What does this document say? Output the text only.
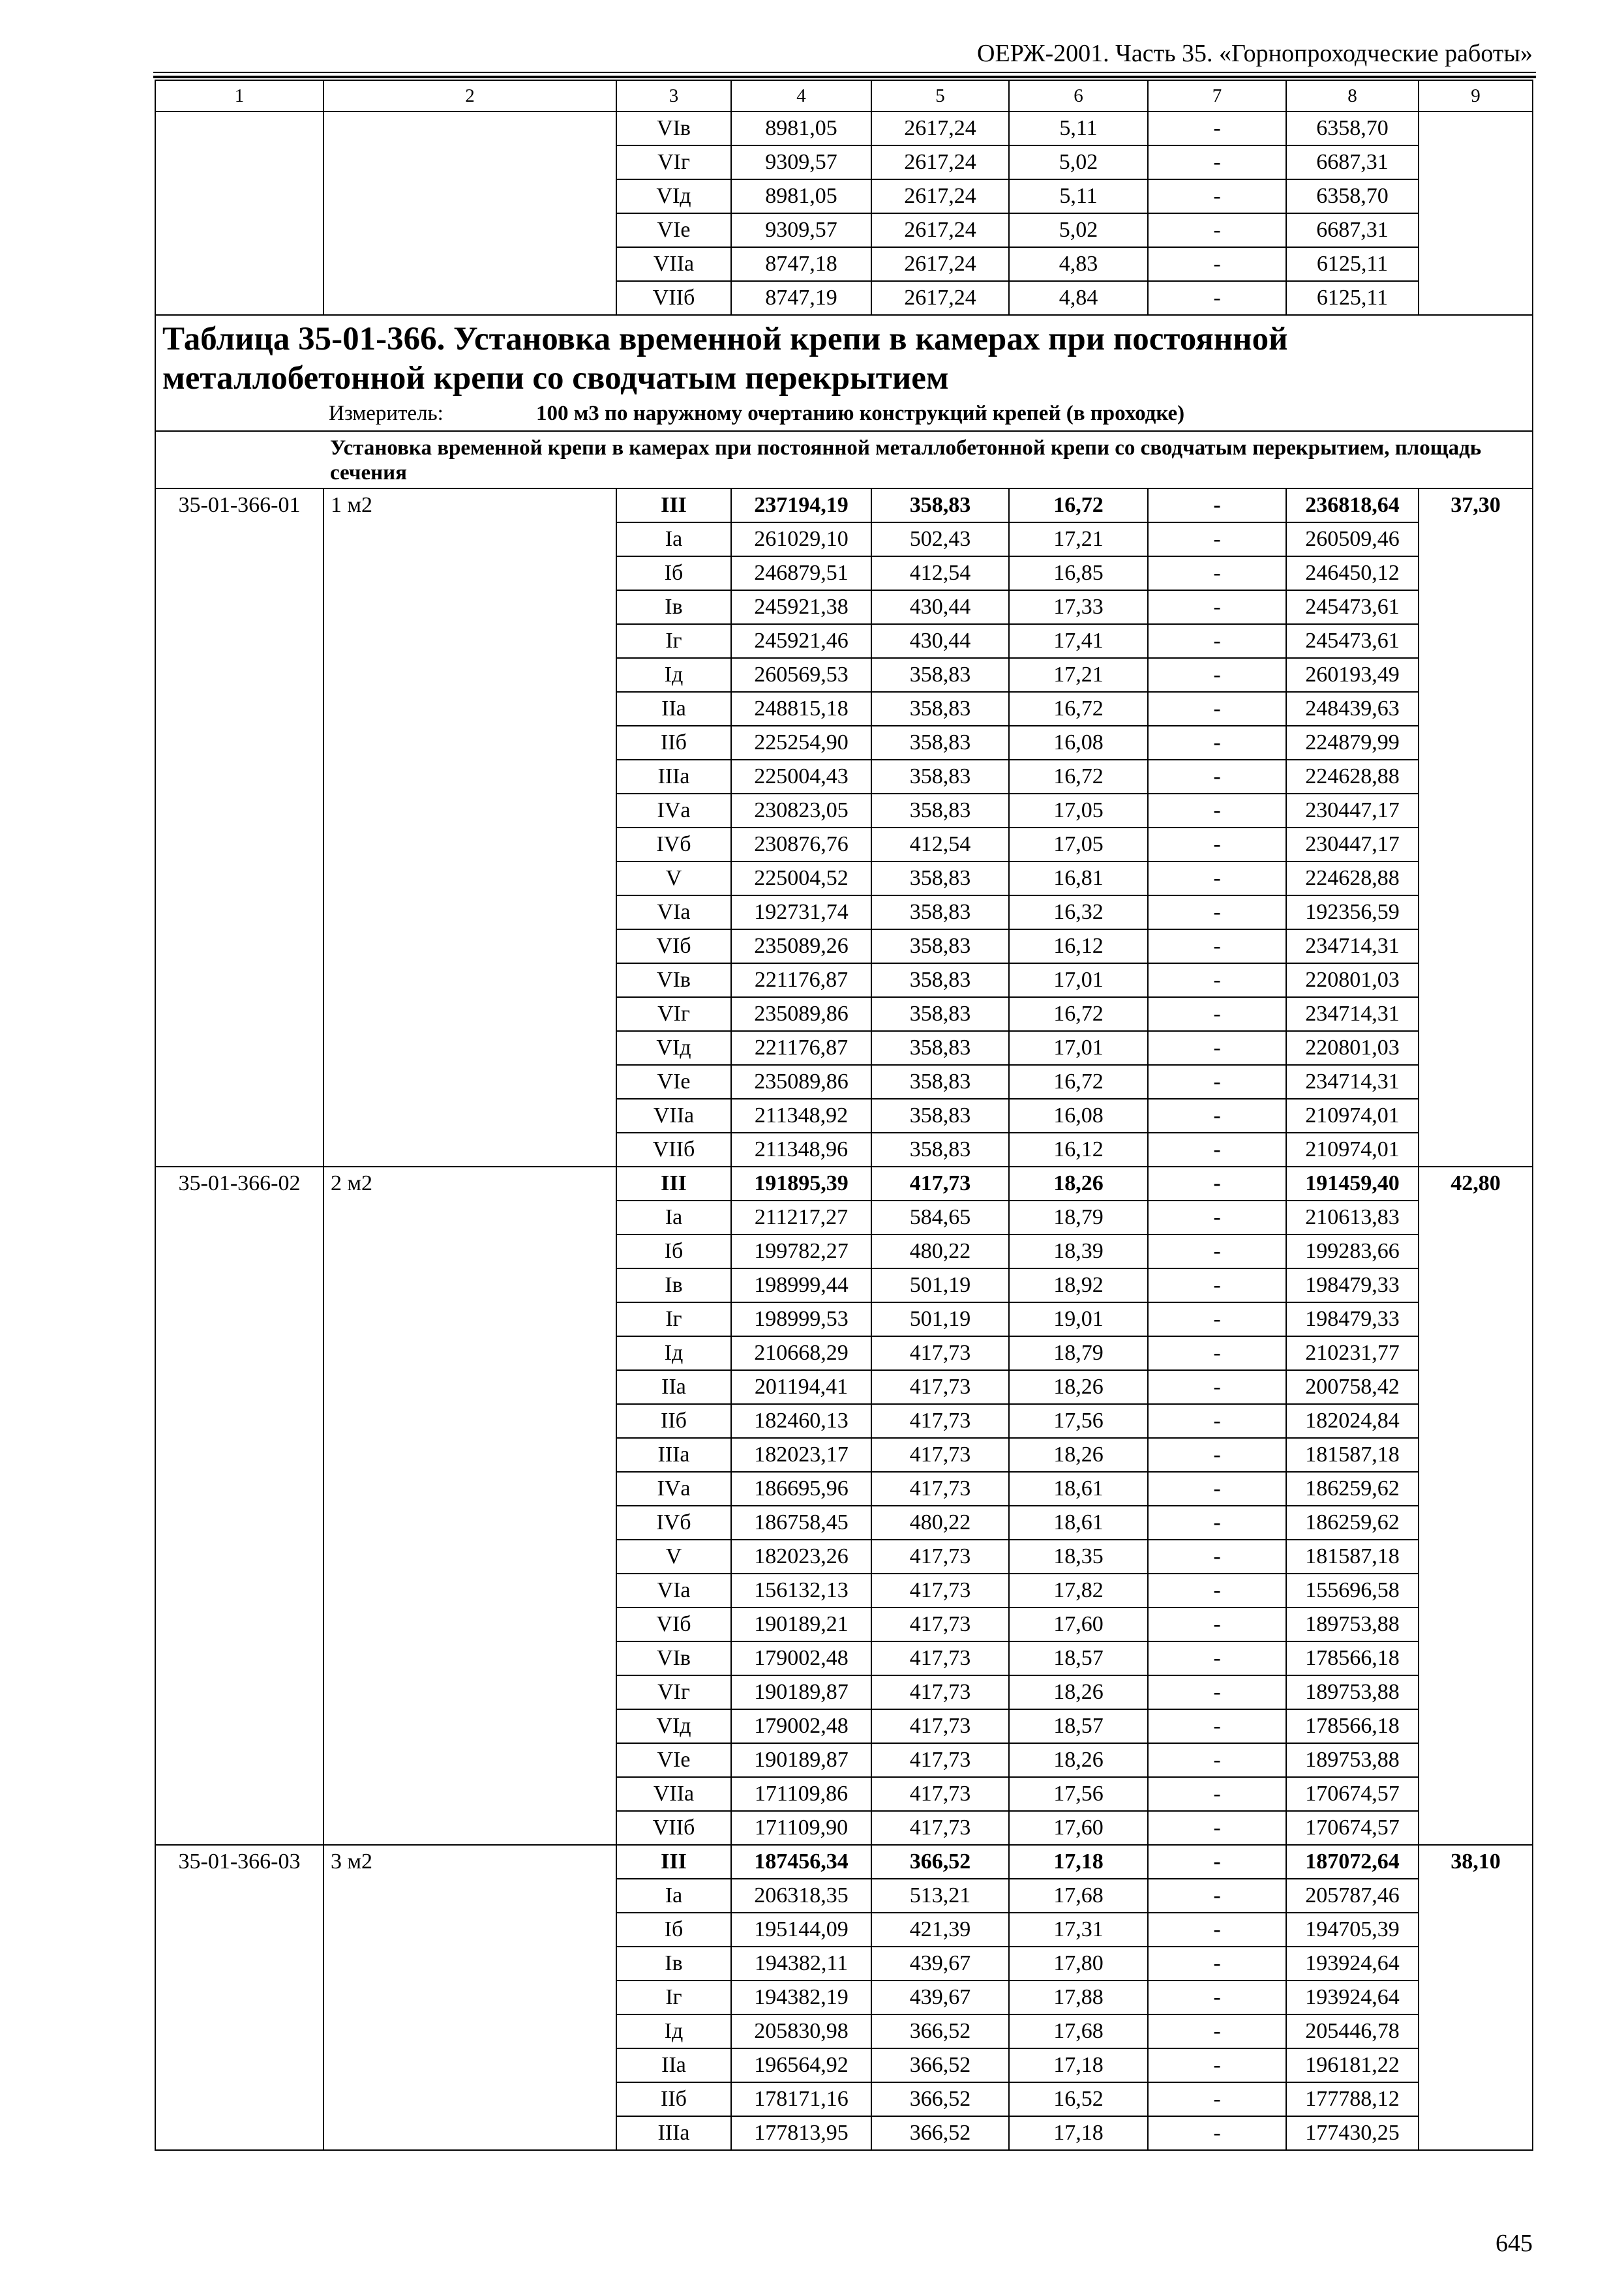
ОЕРЖ-2001. Часть 35. «Горнопроходческие работы»
1	2	3	4	5	6	7	8	9
		VIв	8981,05	2617,24	5,11	-	6358,70	
		VIг	9309,57	2617,24	5,02	-	6687,31	
		VIд	8981,05	2617,24	5,11	-	6358,70	
		VIе	9309,57	2617,24	5,02	-	6687,31	
		VIIа	8747,18	2617,24	4,83	-	6125,11	
		VIIб	8747,19	2617,24	4,84	-	6125,11	

Таблица 35-01-366. Установка временной крепи в камерах при постоянной металлобетонной крепи со сводчатым перекрытием
Измеритель: 100 м3 по наружному очертанию конструкций крепей (в проходке)								

Установка временной крепи в камерах при постоянной металлобетонной крепи со сводчатым перекрытием, площадь сечения								
35-01-366-01	1 м2	III	237194,19	358,83	16,72	-	236818,64	37,30
		Iа	261029,10	502,43	17,21	-	260509,46	
		Iб	246879,51	412,54	16,85	-	246450,12	
		Iв	245921,38	430,44	17,33	-	245473,61	
		Iг	245921,46	430,44	17,41	-	245473,61	
		Iд	260569,53	358,83	17,21	-	260193,49	
		IIа	248815,18	358,83	16,72	-	248439,63	
		IIб	225254,90	358,83	16,08	-	224879,99	
		IIIа	225004,43	358,83	16,72	-	224628,88	
		IVа	230823,05	358,83	17,05	-	230447,17	
		IVб	230876,76	412,54	17,05	-	230447,17	
		V	225004,52	358,83	16,81	-	224628,88	
		VIа	192731,74	358,83	16,32	-	192356,59	
		VIб	235089,26	358,83	16,12	-	234714,31	
		VIв	221176,87	358,83	17,01	-	220801,03	
		VIг	235089,86	358,83	16,72	-	234714,31	
		VIд	221176,87	358,83	17,01	-	220801,03	
		VIе	235089,86	358,83	16,72	-	234714,31	
		VIIа	211348,92	358,83	16,08	-	210974,01	
		VIIб	211348,96	358,83	16,12	-	210974,01	
35-01-366-02	2 м2	III	191895,39	417,73	18,26	-	191459,40	42,80
		Iа	211217,27	584,65	18,79	-	210613,83	
		Iб	199782,27	480,22	18,39	-	199283,66	
		Iв	198999,44	501,19	18,92	-	198479,33	
		Iг	198999,53	501,19	19,01	-	198479,33	
		Iд	210668,29	417,73	18,79	-	210231,77	
		IIа	201194,41	417,73	18,26	-	200758,42	
		IIб	182460,13	417,73	17,56	-	182024,84	
		IIIа	182023,17	417,73	18,26	-	181587,18	
		IVа	186695,96	417,73	18,61	-	186259,62	
		IVб	186758,45	480,22	18,61	-	186259,62	
		V	182023,26	417,73	18,35	-	181587,18	
		VIа	156132,13	417,73	17,82	-	155696,58	
		VIб	190189,21	417,73	17,60	-	189753,88	
		VIв	179002,48	417,73	18,57	-	178566,18	
		VIг	190189,87	417,73	18,26	-	189753,88	
		VIд	179002,48	417,73	18,57	-	178566,18	
		VIе	190189,87	417,73	18,26	-	189753,88	
		VIIа	171109,86	417,73	17,56	-	170674,57	
		VIIб	171109,90	417,73	17,60	-	170674,57	
35-01-366-03	3 м2	III	187456,34	366,52	17,18	-	187072,64	38,10
		Iа	206318,35	513,21	17,68	-	205787,46	
		Iб	195144,09	421,39	17,31	-	194705,39	
		Iв	194382,11	439,67	17,80	-	193924,64	
		Iг	194382,19	439,67	17,88	-	193924,64	
		Iд	205830,98	366,52	17,68	-	205446,78	
		IIа	196564,92	366,52	17,18	-	196181,22	
		IIб	178171,16	366,52	16,52	-	177788,12	
		IIIа	177813,95	366,52	17,18	-	177430,25	
645
